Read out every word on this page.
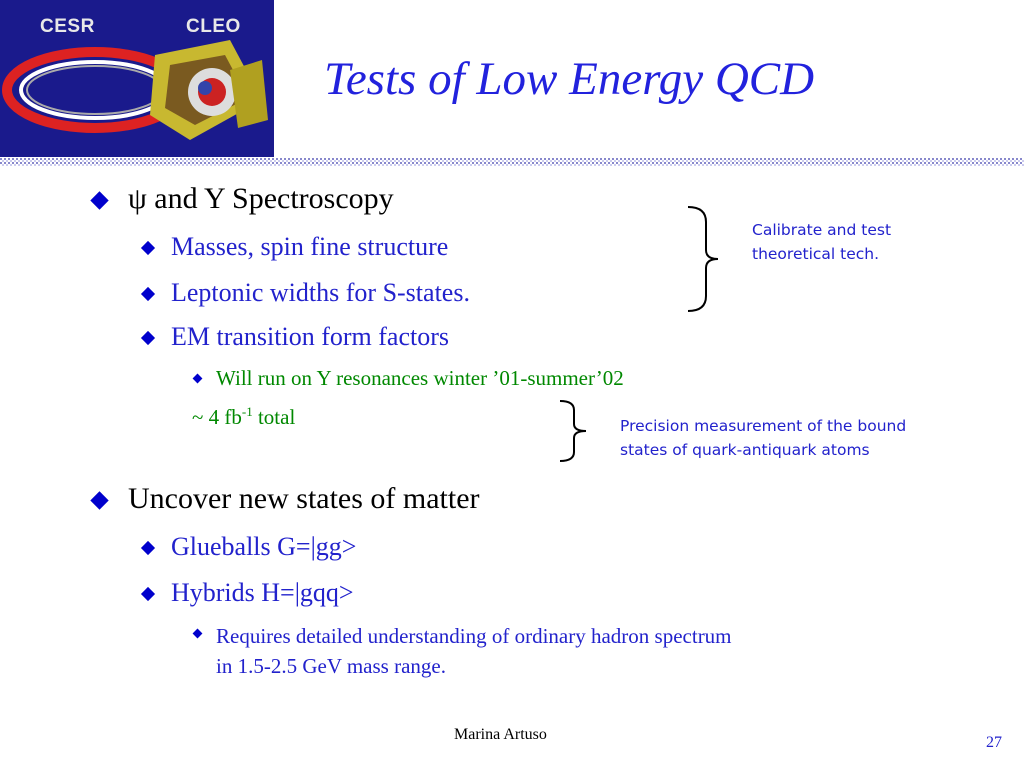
CESR	CLEO
Tests of Low Energy QCD
ψ and Y Spectroscopy
Masses, spin fine structure
Leptonic widths for S-states.
EM transition form factors
Will run on Y resonances winter ’01-summer’02
~ 4 $fb^{-1}$ total
Calibrate and test
theoretical tech.
Precision measurement of the bound
states of quark-antiquark atoms
Uncover new states of matter
Glueballs G=|gg>
Hybrids H=|gqq>
Requires detailed understanding of ordinary hadron spectrum
in 1.5-2.5 GeV mass range.
Marina Artuso	27
